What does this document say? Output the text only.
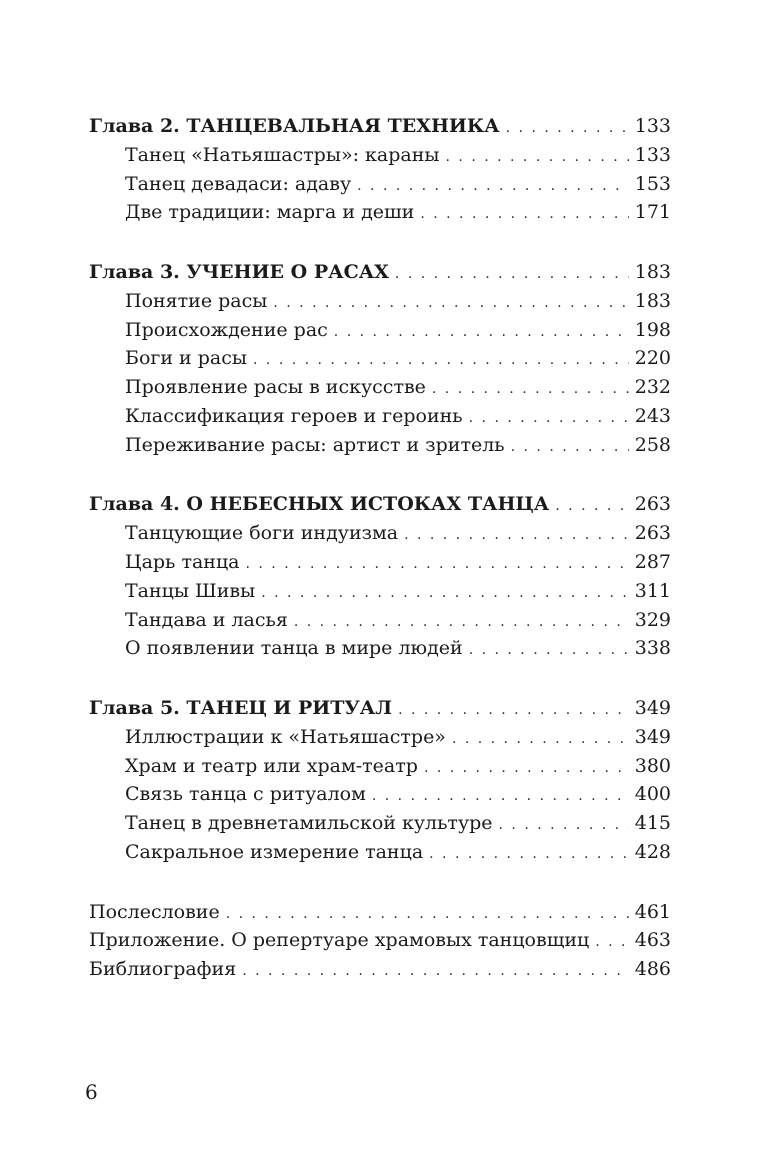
Глава 2. ТАНЦЕВАЛЬНАЯ ТЕХНИКА . . .	133
Танец «Натьяшастры»: караны . . .	133
Танец девадаси: адаву . . .	153
Две традиции: марга и деши . . .	171
Глава 3. УЧЕНИЕ О РАСАХ . . .	183
Понятие расы . . .	183
Происхождение рас . . .	198
Боги и расы . . .	220
Проявление расы в искусстве . . .	232
Классификация героев и героинь . . .	243
Переживание расы: артист и зритель . . .	258
Глава 4. О НЕБЕСНЫХ ИСТОКАХ ТАНЦА . . .	263
Танцующие боги индуизма . . .	263
Царь танца . . .	287
Танцы Шивы . . .	311
Тандава и ласья . . .	329
О появлении танца в мире людей . . .	338
Глава 5. ТАНЕЦ И РИТУАЛ . . .	349
Иллюстрации к «Натьяшастре» . . .	349
Храм и театр или храм-театр . . .	380
Связь танца с ритуалом . . .	400
Танец в древнетамильской культуре . . .	415
Сакральное измерение танца . . .	428
Послесловие . . .	461
Приложение. О репертуаре храмовых танцовщиц . . . 463
Библиография . . .	486
6
